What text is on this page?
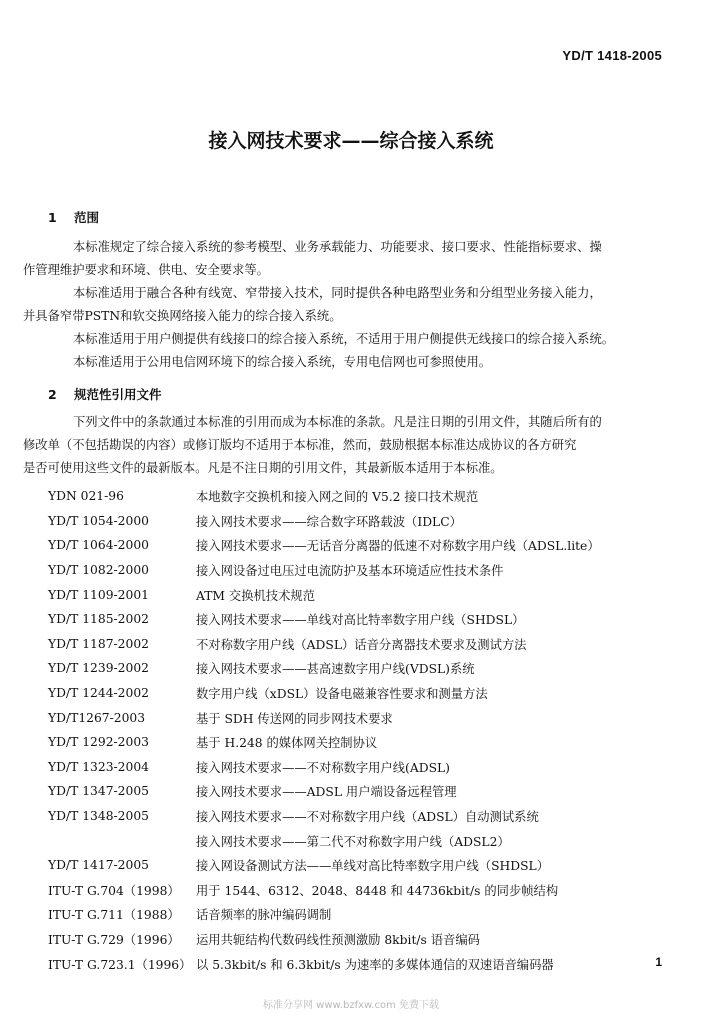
YD/T 1418-2005
接入网技术要求——综合接入系统
1 范围
本标准规定了综合接入系统的参考模型、业务承载能力、功能要求、接口要求、性能指标要求、操
作管理维护要求和环境、供电、安全要求等。
本标准适用于融合各种有线宽、窄带接入技术，同时提供各种电路型业务和分组型业务接入能力，
并具备窄带PSTN和软交换网络接入能力的综合接入系统。
本标准适用于用户侧提供有线接口的综合接入系统，不适用于用户侧提供无线接口的综合接入系统。
本标准适用于公用电信网环境下的综合接入系统，专用电信网也可参照使用。
2 规范性引用文件
下列文件中的条款通过本标准的引用而成为本标准的条款。凡是注日期的引用文件，其随后所有的
修改单（不包括勘误的内容）或修订版均不适用于本标准，然而，鼓励根据本标准达成协议的各方研究
是否可使用这些文件的最新版本。凡是不注日期的引用文件，其最新版本适用于本标准。
YDN 021-96	本地数字交换机和接入网之间的 V5.2 接口技术规范
YD/T 1054-2000	接入网技术要求——综合数字环路载波（IDLC）
YD/T 1064-2000	接入网技术要求——无话音分离器的低速不对称数字用户线（ADSL.lite）
YD/T 1082-2000	接入网设备过电压过电流防护及基本环境适应性技术条件
YD/T 1109-2001	ATM 交换机技术规范
YD/T 1185-2002	接入网技术要求——单线对高比特率数字用户线（SHDSL）
YD/T 1187-2002	不对称数字用户线（ADSL）话音分离器技术要求及测试方法
YD/T 1239-2002	接入网技术要求——甚高速数字用户线(VDSL)系统
YD/T 1244-2002	数字用户线（xDSL）设备电磁兼容性要求和测量方法
YD/T1267-2003	基于 SDH 传送网的同步网技术要求
YD/T 1292-2003	基于 H.248 的媒体网关控制协议
YD/T 1323-2004	接入网技术要求——不对称数字用户线(ADSL)
YD/T 1347-2005	接入网技术要求——ADSL 用户端设备远程管理
YD/T 1348-2005	接入网技术要求——不对称数字用户线（ADSL）自动测试系统
接入网技术要求——第二代不对称数字用户线（ADSL2）
YD/T 1417-2005	接入网设备测试方法——单线对高比特率数字用户线（SHDSL）
ITU-T G.704（1998）	用于 1544、6312、2048、8448 和 44736kbit/s 的同步帧结构
ITU-T G.711（1988）	话音频率的脉冲编码调制
ITU-T G.729（1996）	运用共轭结构代数码线性预测激励 8kbit/s 语音编码
ITU-T G.723.1（1996） 以 5.3kbit/s 和 6.3kbit/s 为速率的多媒体通信的双速语音编码器	1
标准分享网 www.bzfxw.com 免费下载
